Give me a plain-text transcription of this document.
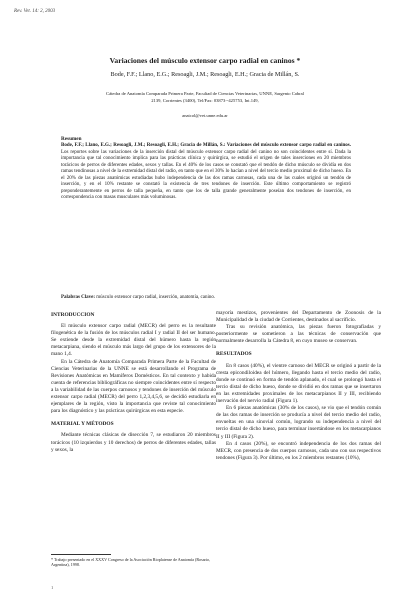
Rev. Vet. 14: 2, 2003
Variaciones del músculo extensor carpo radial en caninos *
Bode, F.F.; Llano, E.G.; Resoagli, J.M.; Resoagli, E.H.; Gracia de Millán, S.
Cátedra de Anatomía Comparada Primera Parte, Facultad de Ciencias Veterinarias, UNNE, Sargento Cabral
2139, Corrientes (3400), Tel/Fax: 03873--425753, Int.149,
anatcol@vet.unne.edu.ar
Resumen
Bode, F.F.; Llano, E.G.; Resoagli, J.M.; Resoagli, E.H.; Gracia de Millán, S.: Variaciones del músculo extensor carpo radial en caninos. Los reportes sobre las variaciones de la inserción distal del músculo extensor carpo radial del canino no son coincidentes entre sí. Dada la importancia que tal conocimiento implica para las prácticas clínica y quirúrgica, se estudió el origen de tales inserciones en 20 miembros torácicos de perros de diferentes edades, sexos y tallas. En el 40% de los casos se constató que el tendón de dicho músculo se dividía en dos ramas tendinosas a nivel de la extremidad distal del radio, en tanto que en el 30% lo hacían a nivel del tercio medio proximal de dicho hueso. En el 20% de las piezas anatómicas estudiadas hubo independencia de las dos ramas carnosas, cada una de las cuales originó un tendón de inserción, y en el 10% restante se constató la existencia de tres tendones de inserción. Este último comportamiento se registró preponderantemente en perros de talla pequeña, en tanto que los de talla grande generalmente poseían dos tendones de inserción, en correspondencia con masas musculares más voluminosas.
Palabras Clave: músculo extensor carpo radial, inserción, anatomía, canino.
INTRODUCCION

El músculo extensor carpo radial (MECR) del perro es la resultante filogenética de la fusión de los músculos radial I y radial II del ser humano. Se extiende desde la extremidad distal del húmero hasta la región metacarpiana, siendo el músculo más largo del grupo de los extensores de la mano 1,4.

En la Cátedra de Anatomía Comparada Primera Parte de la Facultad de Ciencias Veterinarias de la UNNE se está desarrollando el Programa de Revisiones Anatómicas en Mamíferos Domésticos. En tal contexto y habida cuenta de referencias bibliográficas no siempre coincidentes entre sí respecto a la variabilidad de las cuerpos carnosos y tendones de inserción del músculo extensor carpo radial (MECR) del perro 1,2,3,4,5,6, se decidió estudiarla en ejemplares de la región, visto la importancia que reviste tal conocimiento para los diagnóstico y las prácticas quirúrgicas en esta especie.

MATERIAL Y MÉTODOS

Mediante técnicas clásicas de disección 7, se estudiaron 20 miembros torácicos (10 izquierdos y 10 derechos) de perros de diferentes edades, tallas y sexos, la

mayoría mestizos, provenientes del Departamento de Zoonosis de la Municipalidad de la ciudad de Corrientes, destinados al sacrificio.

Tras su revisión anatómica, las piezas fueron fotografiadas y posteriormente se sometieron a las técnicas de conservación que normalmente desarrolla la Cátedra 8, en cuyo museo se conservan.

RESULTADOS

En 8 casos (40%), el vientre carnoso del MECR se originó a partir de la cresta epicondiloidea del húmero, llegando hasta el tercio medio del radio, donde se continuó en forma de tendón aplanado, el cual se prolongó hasta el tercio distal de dicho hueso, donde se dividió en dos ramas que se insertaron en las extremidades proximales de los metacarpianos II y III, recibiendo inervación del nervio radial (Figura 1).

En 6 piezas anatómicas (30% de los casos), se vio que el tendón común de las dos ramas de inserción se producía a nivel del tercio medio del radio, envueltas en una sinovial común, logrando su independencia a nivel del tercio distal de dicho hueso, para terminar insertándose en los metacarpianos II y III (Figura 2).

En 4 casos (20%), se encontró independencia de los dos ramas del MECR, con presencia de dos cuerpos carnosos, cada uno con sus respectivos tendones (Figura 3). Por último, en los 2 miembros restantes (10%),

* Trabajo presentado en el XXXV Congreso de la Asociación Rioplatense de Anatomía (Rosario, Argentina), 1998.
1
